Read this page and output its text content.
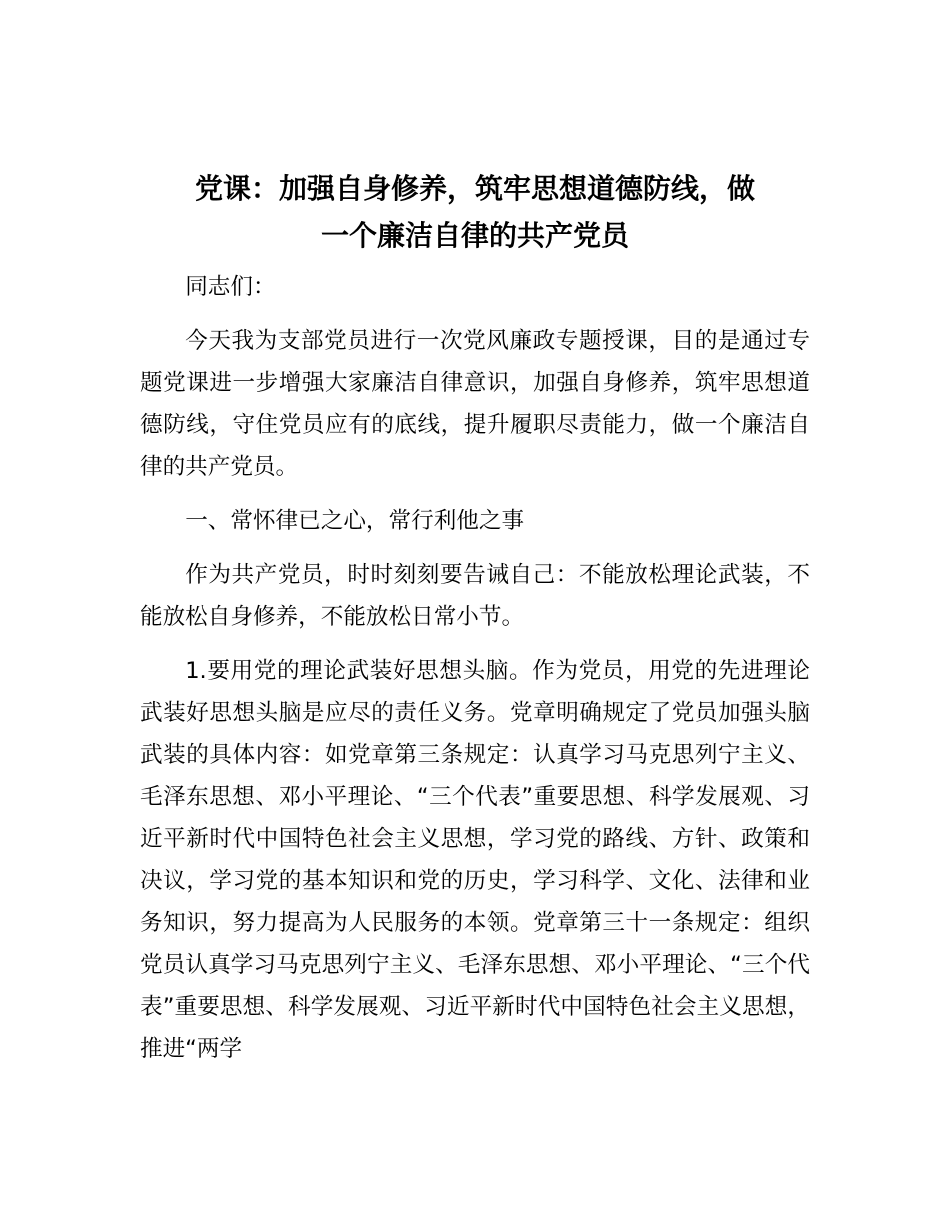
党课：加强自身修养，筑牢思想道德防线，做
一个廉洁自律的共产党员

同志们：

今天我为支部党员进行一次党风廉政专题授课，目的是通过专题党课进一步增强大家廉洁自律意识，加强自身修养，筑牢思想道德防线，守住党员应有的底线，提升履职尽责能力，做一个廉洁自律的共产党员。

一、常怀律已之心，常行利他之事

作为共产党员，时时刻刻要告诫自己：不能放松理论武装，不能放松自身修养，不能放松日常小节。

1.要用党的理论武装好思想头脑。作为党员，用党的先进理论武装好思想头脑是应尽的责任义务。党章明确规定了党员加强头脑武装的具体内容：如党章第三条规定：认真学习马克思列宁主义、毛泽东思想、邓小平理论、“三个代表”重要思想、科学发展观、习近平新时代中国特色社会主义思想，学习党的路线、方针、政策和决议，学习党的基本知识和党的历史，学习科学、文化、法律和业务知识，努力提高为人民服务的本领。党章第三十一条规定：组织党员认真学习马克思列宁主义、毛泽东思想、邓小平理论、“三个代表”重要思想、科学发展观、习近平新时代中国特色社会主义思想，推进“两学
